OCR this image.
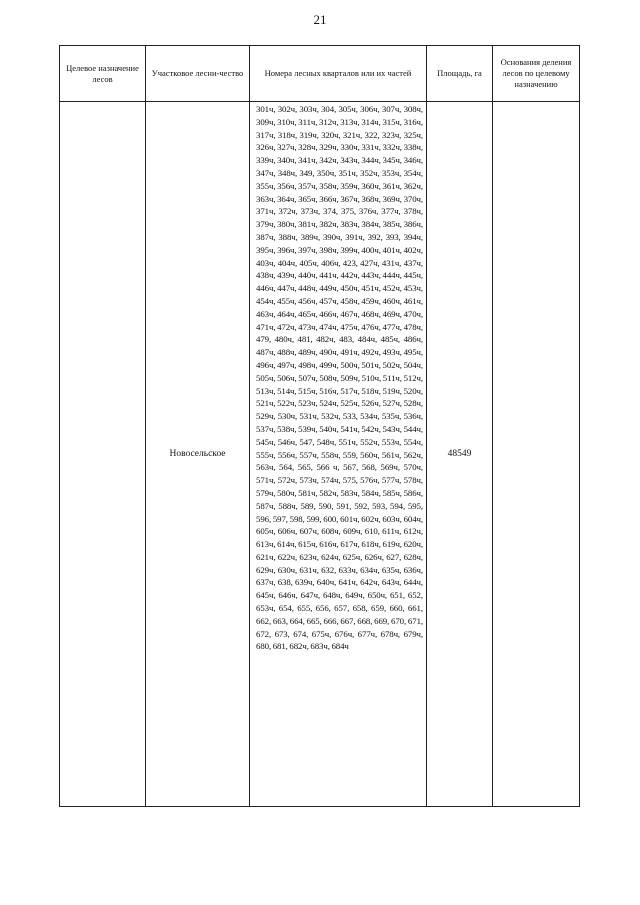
21
Целевое назначение лесов	Участковое лесни-чество	Номера лесных кварталов или их частей	Площадь, га	Основания деления лесов по целевому назначению
	Новосельское	301ч, 302ч, 303ч, 304, 305ч, 306ч, 307ч, 308ч, 309ч, 310ч, 311ч, 312ч, 313ч, 314ч, 315ч, 316ч, 317ч, 318ч, 319ч, 320ч, 321ч, 322, 323ч, 325ч, 326ч, 327ч, 328ч, 329ч, 330ч, 331ч, 332ч, 338ч, 339ч, 340ч, 341ч, 342ч, 343ч, 344ч, 345ч, 346ч, 347ч, 348ч, 349, 350ч, 351ч, 352ч, 353ч, 354ч, 355ч, 356ч, 357ч, 358ч, 359ч, 360ч, 361ч, 362ч, 363ч, 364ч, 365ч, 366ч, 367ч, 368ч, 369ч, 370ч, 371ч, 372ч, 373ч, 374, 375, 376ч, 377ч, 378ч, 379ч, 380ч, 381ч, 382ч, 383ч, 384ч, 385ч, 386ч, 387ч, 388ч, 389ч, 390ч, 391ч, 392, 393, 394ч, 395ч, 396ч, 397ч, 398ч, 399ч, 400ч, 401ч, 402ч, 403ч, 404ч, 405ч, 406ч, 423, 427ч, 431ч, 437ч, 438ч, 439ч, 440ч, 441ч, 442ч, 443ч, 444ч, 445ч, 446ч, 447ч, 448ч, 449ч, 450ч, 451ч, 452ч, 453ч, 454ч, 455ч, 456ч, 457ч, 458ч, 459ч, 460ч, 461ч, 463ч, 464ч, 465ч, 466ч, 467ч, 468ч, 469ч, 470ч, 471ч, 472ч, 473ч, 474ч, 475ч, 476ч, 477ч, 478ч, 479, 480ч, 481, 482ч, 483, 484ч, 485ч, 486ч, 487ч, 488ч, 489ч, 490ч, 491ч, 492ч, 493ч, 495ч, 496ч, 497ч, 498ч, 499ч, 500ч, 501ч, 502ч, 504ч, 505ч, 506ч, 507ч, 508ч, 509ч, 510ч, 511ч, 512ч, 513ч, 514ч, 515ч, 516ч, 517ч, 518ч, 519ч, 520ч, 521ч, 522ч, 523ч, 524ч, 525ч, 526ч, 527ч, 528ч, 529ч, 530ч, 531ч, 532ч, 533, 534ч, 535ч, 536ч, 537ч, 538ч, 539ч, 540ч, 541ч, 542ч, 543ч, 544ч, 545ч, 546ч, 547, 548ч, 551ч, 552ч, 553ч, 554ч, 555ч, 556ч, 557ч, 558ч, 559, 560ч, 561ч, 562ч, 563ч, 564, 565, 566 ч, 567, 568, 569ч, 570ч, 571ч, 572ч, 573ч, 574ч, 575, 576ч, 577ч, 578ч, 579ч, 580ч, 581ч, 582ч, 583ч, 584ч, 585ч, 586ч, 587ч, 588ч, 589, 590, 591, 592, 593, 594, 595, 596, 597, 598, 599, 600, 601ч, 602ч, 603ч, 604ч, 605ч, 606ч, 607ч, 608ч, 609ч, 610, 611ч, 612ч, 613ч, 614ч, 615ч, 616ч, 617ч, 618ч, 619ч, 620ч, 621ч, 622ч, 623ч, 624ч, 625ч, 626ч, 627, 628ч, 629ч, 630ч, 631ч, 632, 633ч, 634ч, 635ч, 636ч, 637ч, 638, 639ч, 640ч, 641ч, 642ч, 643ч, 644ч, 645ч, 646ч, 647ч, 648ч, 649ч, 650ч, 651, 652, 653ч, 654, 655, 656, 657, 658, 659, 660, 661, 662, 663, 664, 665, 666, 667, 668, 669, 670, 671, 672, 673, 674, 675ч, 676ч, 677ч, 678ч, 679ч, 680, 681, 682ч, 683ч, 684ч	48549	
